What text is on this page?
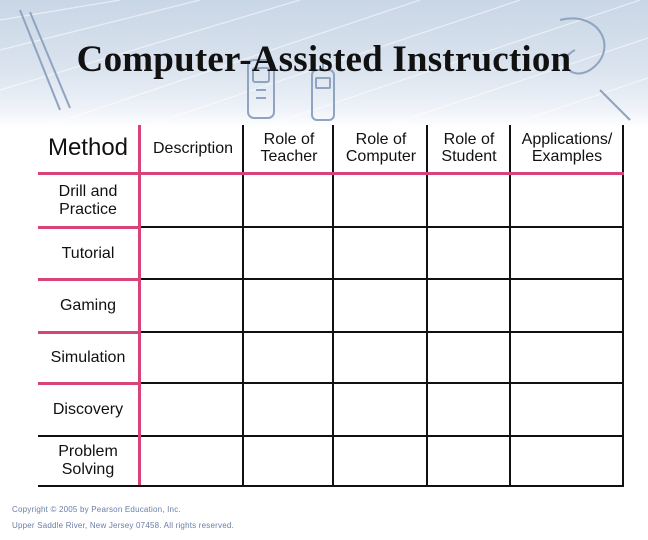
Computer-Assisted Instruction
Method	Description
Role of Teacher
Role of Computer
Role of Student
Applications/ Examples
Drill and Practice
Tutorial
Gaming
Simulation
Discovery
Problem Solving
Copyright © 2005 by Pearson Education, Inc.
Upper Saddle River, New Jersey 07458. All rights reserved.
